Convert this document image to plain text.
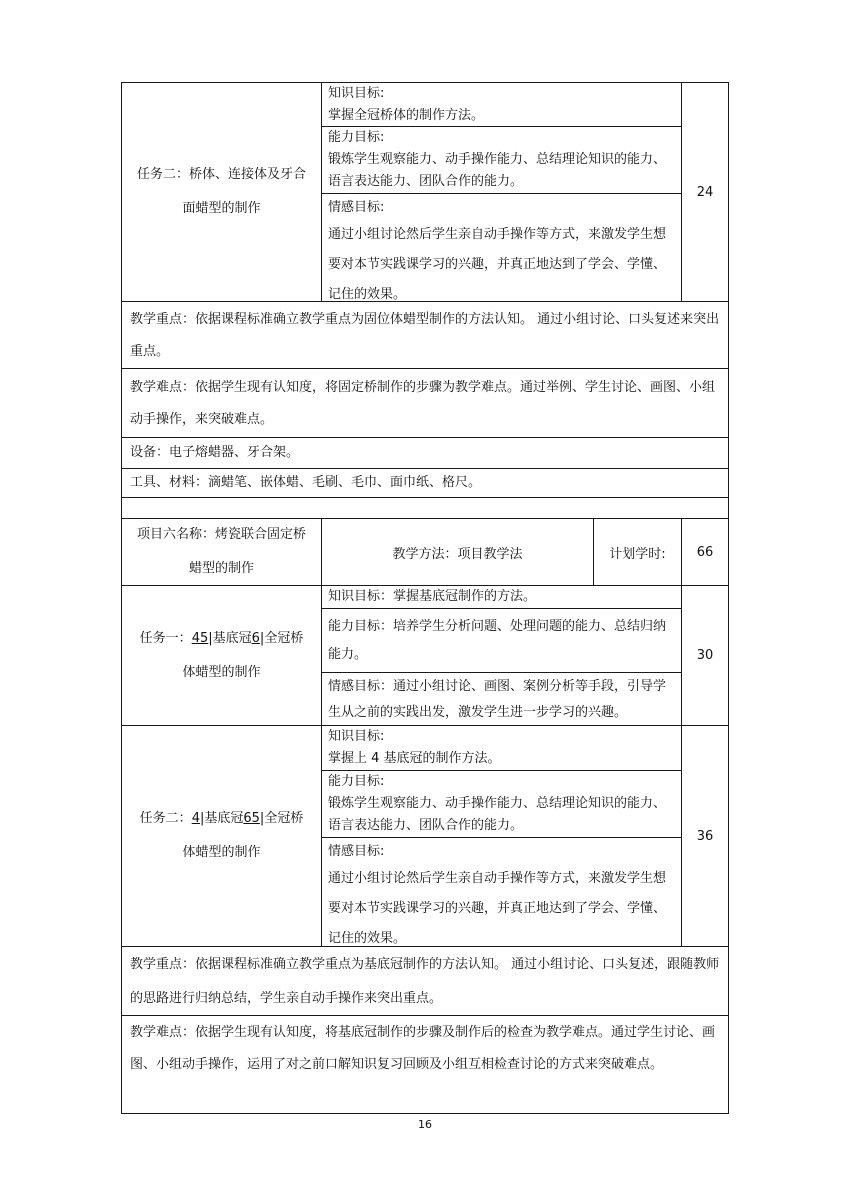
任务二：桥体、连接体及牙合
面蜡型的制作
知识目标:
掌握全冠桥体的制作方法。
能力目标:
锻炼学生观察能力、动手操作能力、总结理论知识的能力、语言表达能力、团队合作的能力。
情感目标:
通过小组讨论然后学生亲自动手操作等方式，来激发学生想要对本节实践课学习的兴趣，并真正地达到了学会、学懂、记住的效果。
24
教学重点：依据课程标准确立教学重点为固位体蜡型制作的方法认知。 通过小组讨论、口头复述来突出重点。
教学难点：依据学生现有认知度，将固定桥制作的步骤为教学难点。通过举例、学生讨论、画图、小组动手操作，来突破难点。
设备：电子熔蜡器、牙合架。
工具、材料：滴蜡笔、嵌体蜡、毛刷、毛巾、面巾纸、格尺。
项目六名称：烤瓷联合固定桥
蜡型的制作
教学方法：项目教学法	计划学时: 66
任务一：45|基底冠6|全冠桥
体蜡型的制作
知识目标：掌握基底冠制作的方法。
能力目标：培养学生分析问题、处理问题的能力、总结归纳能力。
情感目标：通过小组讨论、画图、案例分析等手段，引导学生从之前的实践出发，激发学生进一步学习的兴趣。
30
任务二：4|基底冠65|全冠桥
体蜡型的制作
知识目标:
掌握上 4 基底冠的制作方法。
能力目标:
锻炼学生观察能力、动手操作能力、总结理论知识的能力、语言表达能力、团队合作的能力。
情感目标:
通过小组讨论然后学生亲自动手操作等方式，来激发学生想要对本节实践课学习的兴趣，并真正地达到了学会、学懂、记住的效果。
36
教学重点：依据课程标准确立教学重点为基底冠制作的方法认知。 通过小组讨论、口头复述，跟随教师的思路进行归纳总结，学生亲自动手操作来突出重点。
教学难点：依据学生现有认知度，将基底冠制作的步骤及制作后的检查为教学难点。通过学生讨论、画图、小组动手操作，运用了对之前口解知识复习回顾及小组互相检查讨论的方式来突破难点。
16
